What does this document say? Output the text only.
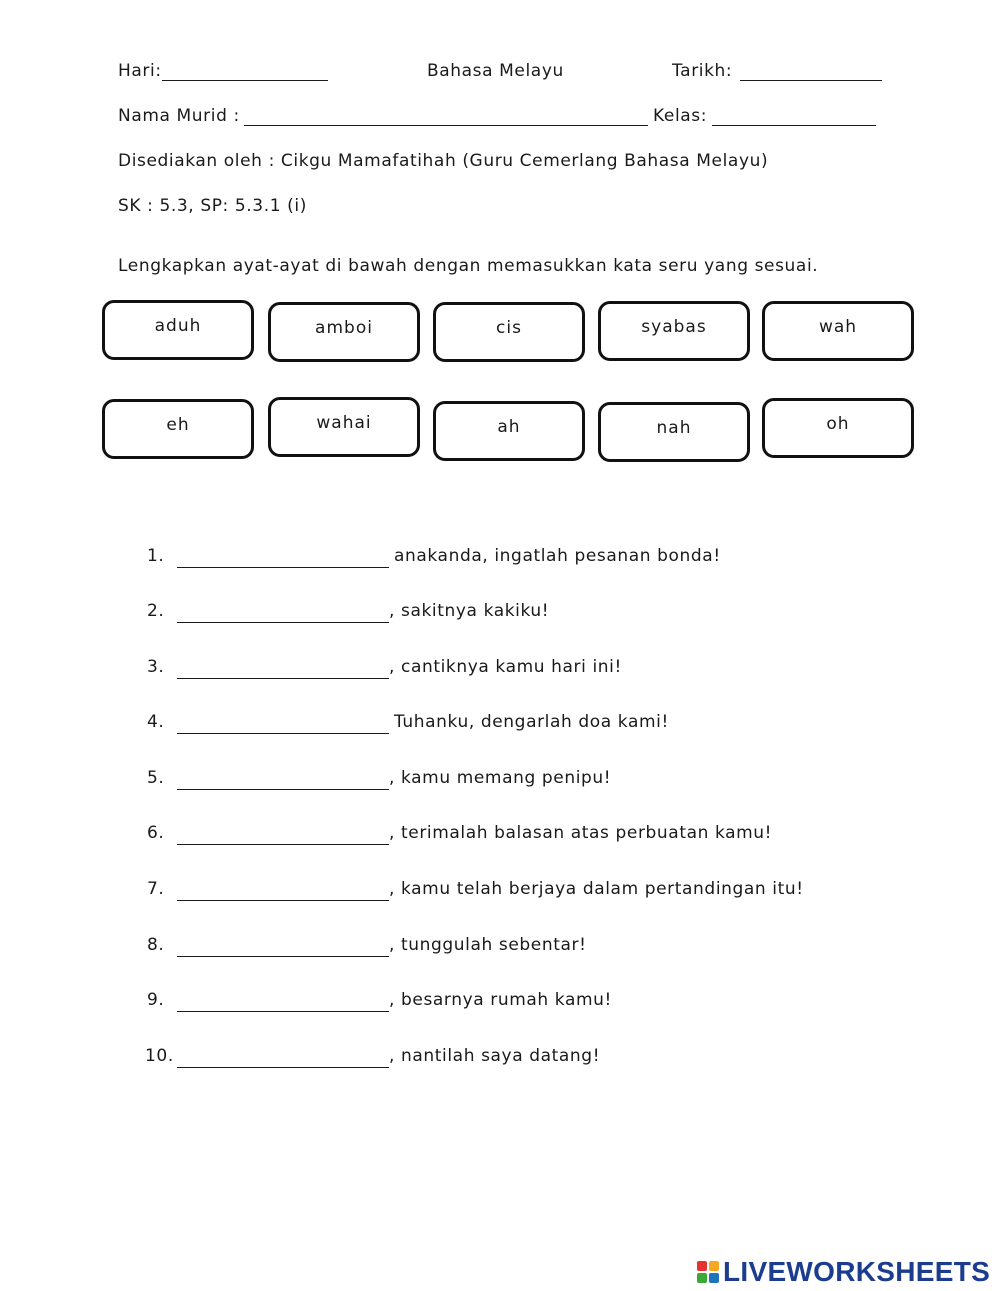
Hari:	Bahasa Melayu	Tarikh:
Nama Murid :	Kelas:
Disediakan oleh : Cikgu Mamafatihah (Guru Cemerlang Bahasa Melayu)
SK : 5.3, SP: 5.3.1 (i)
Lengkapkan ayat-ayat di bawah dengan memasukkan kata seru yang sesuai.
aduh	amboi	cis	syabas	wah
eh	wahai	ah	nah	oh
1.	anakanda, ingatlah pesanan bonda!
2.	, sakitnya kakiku!
3.	, cantiknya kamu hari ini!
4.	Tuhanku, dengarlah doa kami!
5.	, kamu memang penipu!
6.	, terimalah balasan atas perbuatan kamu!
7.	, kamu telah berjaya dalam pertandingan itu!
8.	, tunggulah sebentar!
9.	, besarnya rumah kamu!
10.	, nantilah saya datang!
LIVEWORKSHEETS
